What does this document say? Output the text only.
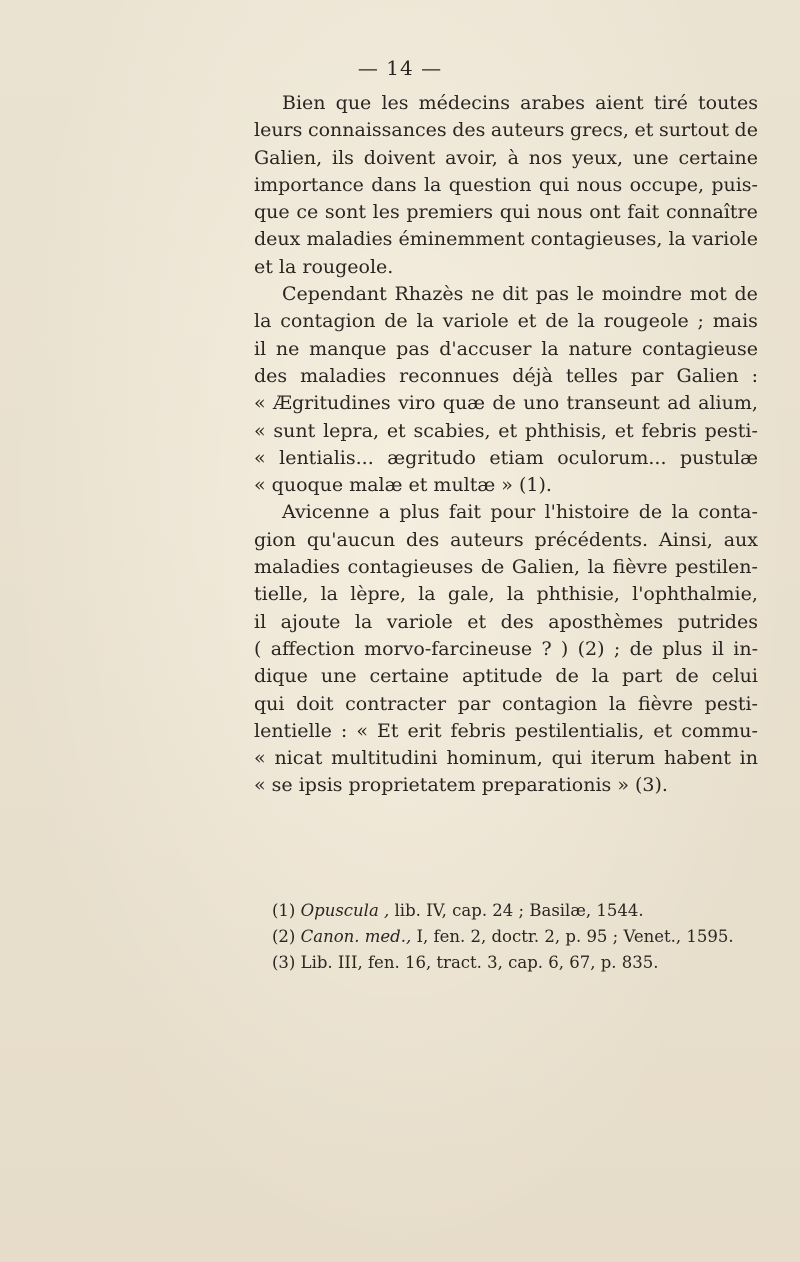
— 14 —
Bien que les médecins arabes aient tiré toutes
leurs connaissances des auteurs grecs, et surtout de
Galien, ils doivent avoir, à nos yeux, une certaine
importance dans la question qui nous occupe, puis-
que ce sont les premiers qui nous ont fait connaître
deux maladies éminemment contagieuses, la variole
et la rougeole.
Cependant Rhazès ne dit pas le moindre mot de
la contagion de la variole et de la rougeole ; mais
il ne manque pas d'accuser la nature contagieuse
des maladies reconnues déjà telles par Galien :
« Ægritudines viro quæ de uno transeunt ad alium,
« sunt lepra, et scabies, et phthisis, et febris pesti-
« lentialis... ægritudo etiam oculorum... pustulæ
« quoque malæ et multæ » (1).
Avicenne a plus fait pour l'histoire de la conta-
gion qu'aucun des auteurs précédents. Ainsi, aux
maladies contagieuses de Galien, la fièvre pestilen-
tielle, la lèpre, la gale, la phthisie, l'ophthalmie,
il ajoute la variole et des aposthèmes putrides
( affection morvo-farcineuse ? ) (2) ; de plus il in-
dique une certaine aptitude de la part de celui
qui doit contracter par contagion la fièvre pesti-
lentielle : « Et erit febris pestilentialis, et commu-
« nicat multitudini hominum, qui iterum habent in
« se ipsis proprietatem preparationis » (3).
(1) Opuscula , lib. IV, cap. 24 ; Basilæ, 1544.
(2) Canon. med., I, fen. 2, doctr. 2, p. 95 ; Venet., 1595.
(3) Lib. III, fen. 16, tract. 3, cap. 6, 67, p. 835.
